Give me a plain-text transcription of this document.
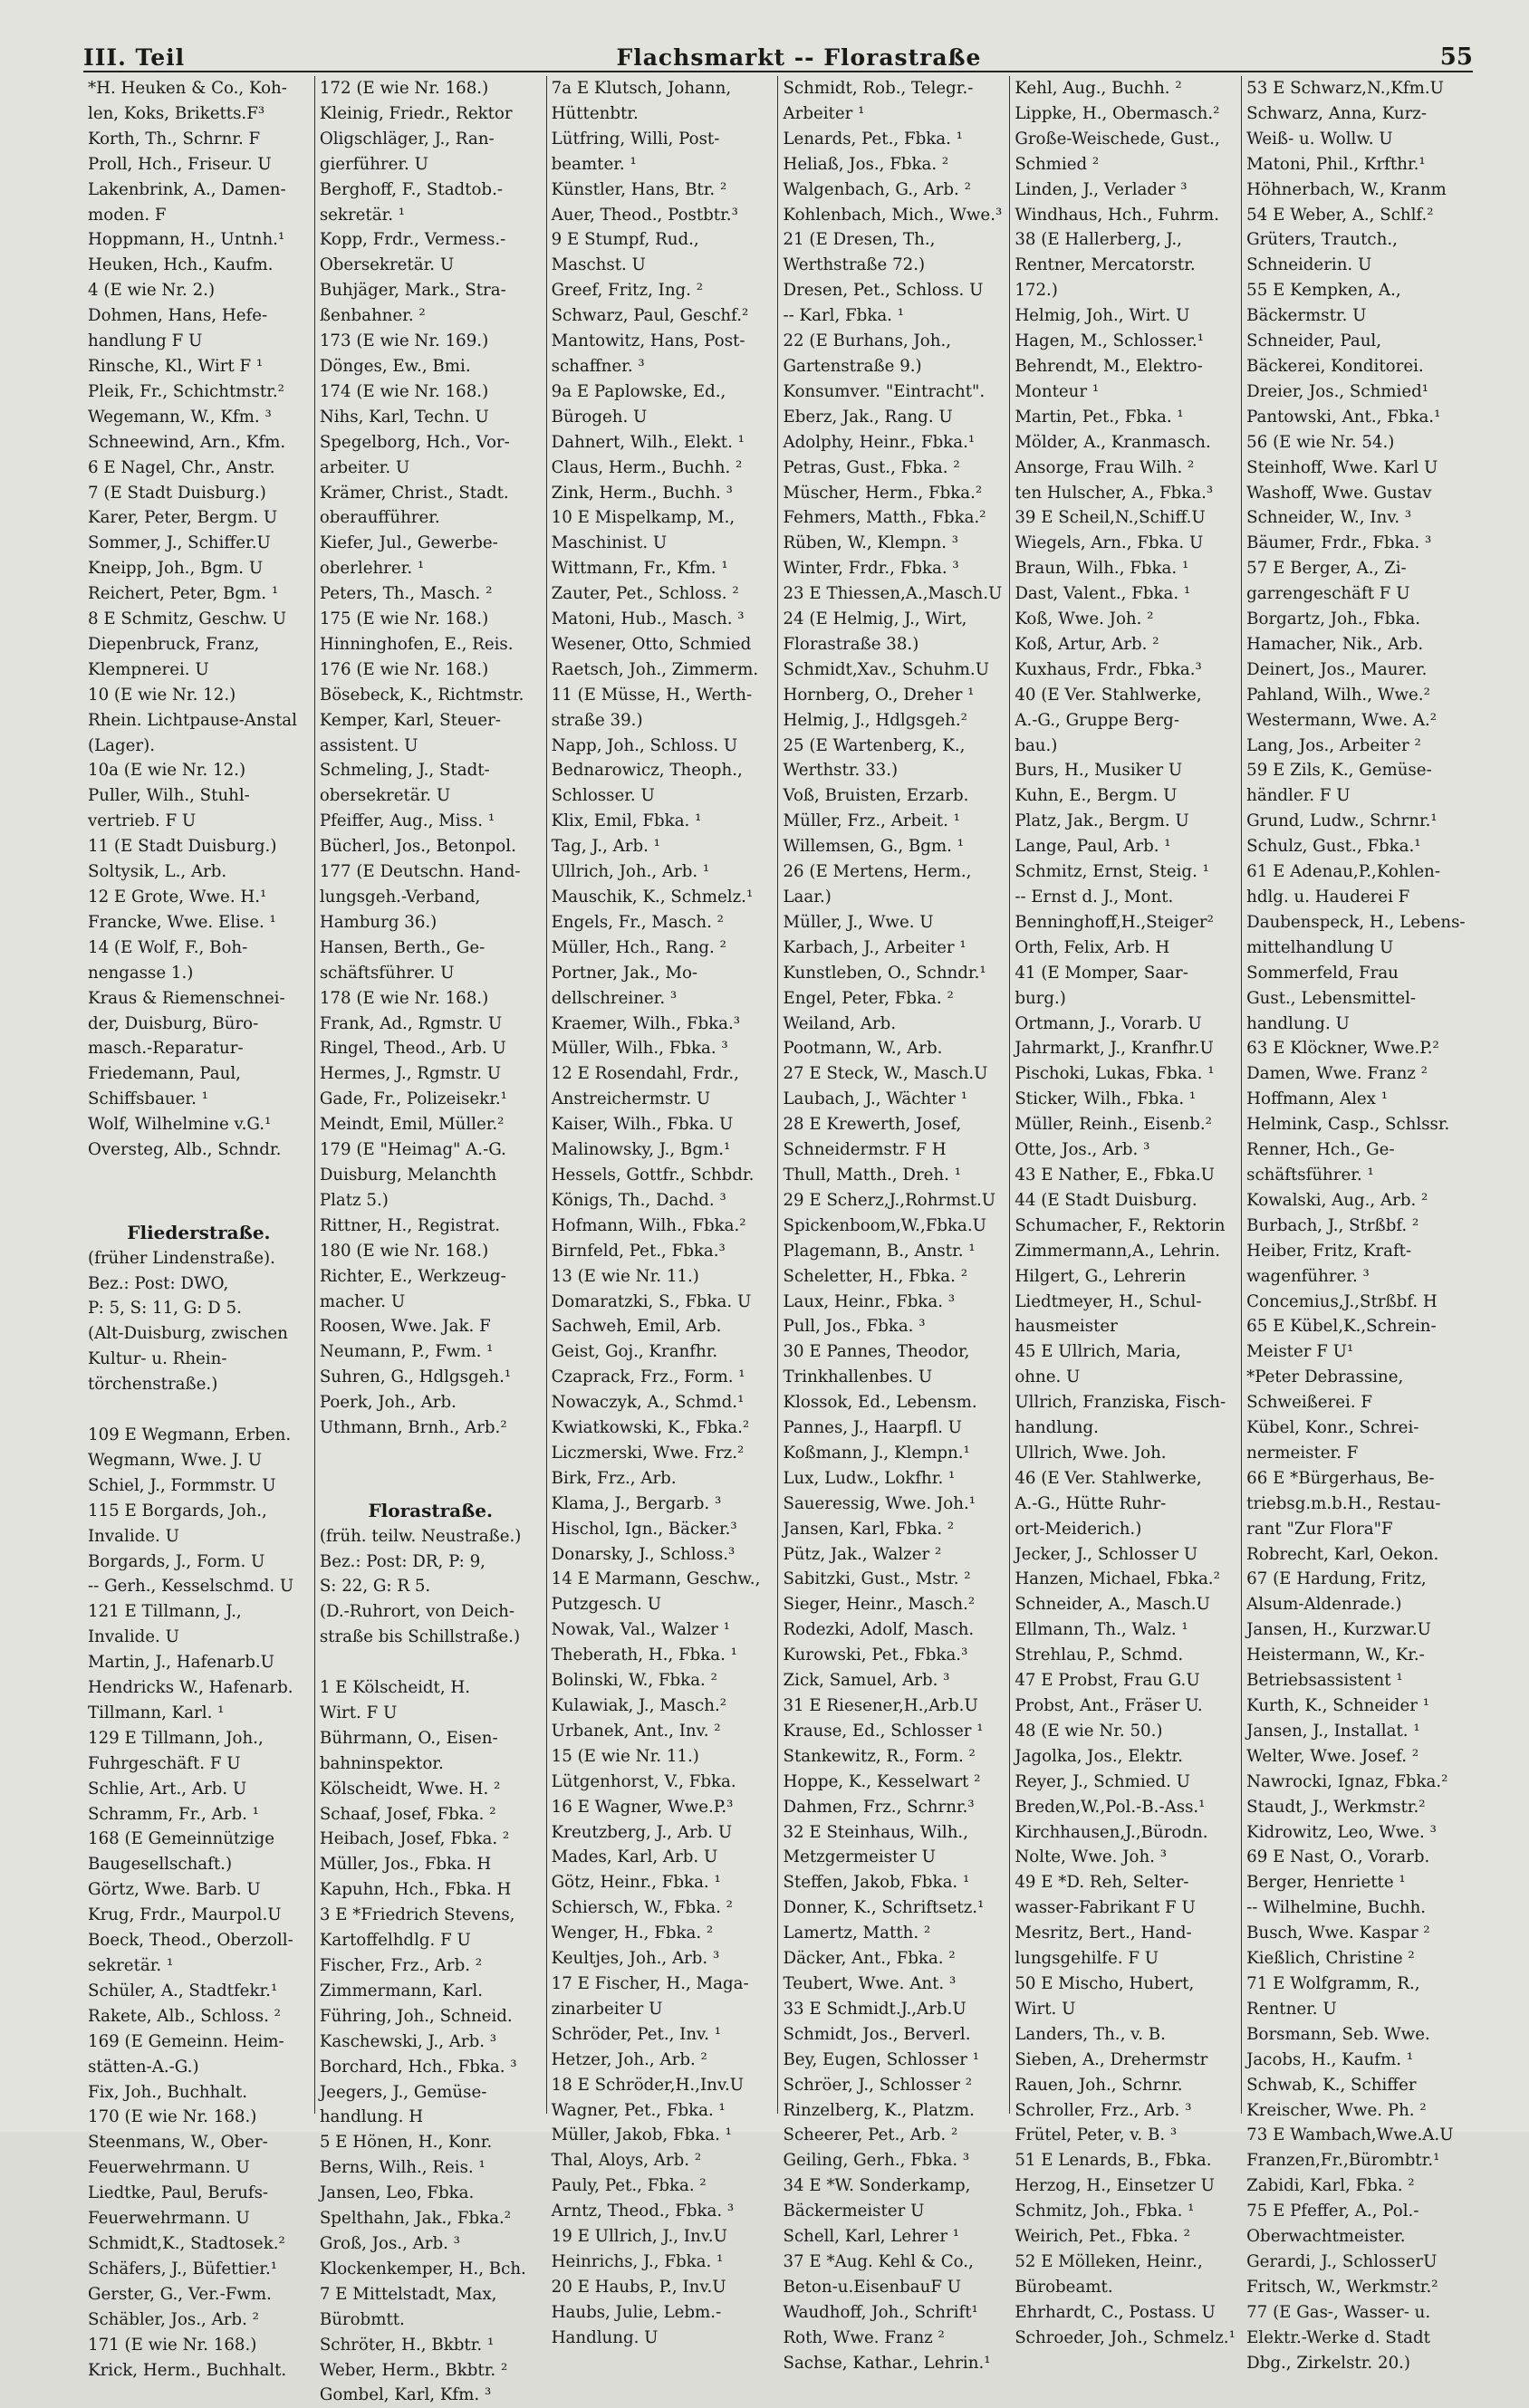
III. Teil	Flachsmarkt -- Florastraße	55
*H. Heuken & Co., Koh-
len, Koks, Briketts.F³
Korth, Th., Schrnr. F
Proll, Hch., Friseur. U
Lakenbrink, A., Damen-
moden. F
Hoppmann, H., Untnh.¹
Heuken, Hch., Kaufm.
4 (E wie Nr. 2.)
Dohmen, Hans, Hefe-
handlung F U
Rinsche, Kl., Wirt F ¹
Pleik, Fr., Schichtmstr.²
Wegemann, W., Kfm. ³
Schneewind, Arn., Kfm.
6 E Nagel, Chr., Anstr.
7 (E Stadt Duisburg.)
Karer, Peter, Bergm. U
Sommer, J., Schiffer.U
Kneipp, Joh., Bgm. U
Reichert, Peter, Bgm. ¹
8 E Schmitz, Geschw. U
Diepenbruck, Franz,
Klempnerei. U
10 (E wie Nr. 12.)
Rhein. Lichtpause-Anstal
(Lager).
10a (E wie Nr. 12.)
Puller, Wilh., Stuhl-
vertrieb. F U
11 (E Stadt Duisburg.)
Soltysik, L., Arb.
12 E Grote, Wwe. H.¹
Francke, Wwe. Elise. ¹
14 (E Wolf, F., Boh-
nengasse 1.)
Kraus & Riemenschnei-
der, Duisburg, Büro-
masch.-Reparatur-
Friedemann, Paul,
Schiffsbauer. ¹
Wolf, Wilhelmine v.G.¹
Oversteg, Alb., Schndr.
Fliederstraße.
(früher Lindenstraße).
Bez.: Post: DWO,
P: 5, S: 11, G: D 5.
(Alt-Duisburg, zwischen
Kultur- u. Rhein-
törchenstraße.)
109 E Wegmann, Erben.
Wegmann, Wwe. J. U
Schiel, J., Formmstr. U
115 E Borgards, Joh.,
Invalide. U
Borgards, J., Form. U
-- Gerh., Kesselschmd. U
121 E Tillmann, J.,
Invalide. U
Martin, J., Hafenarb.U
Hendricks W., Hafenarb.
Tillmann, Karl. ¹
129 E Tillmann, Joh.,
Fuhrgeschäft. F U
Schlie, Art., Arb. U
Schramm, Fr., Arb. ¹
168 (E Gemeinnützige
Baugesellschaft.)
Görtz, Wwe. Barb. U
Krug, Frdr., Maurpol.U
Boeck, Theod., Oberzoll-
sekretär. ¹
Schüler, A., Stadtfekr.¹
Rakete, Alb., Schloss. ²
169 (E Gemeinn. Heim-
stätten-A.-G.)
Fix, Joh., Buchhalt.
170 (E wie Nr. 168.)
Steenmans, W., Ober-
Feuerwehrmann. U
Liedtke, Paul, Berufs-
Feuerwehrmann. U
Schmidt,K., Stadtosek.²
Schäfers, J., Büfettier.¹
Gerster, G., Ver.-Fwm.
Schäbler, Jos., Arb. ²
171 (E wie Nr. 168.)
Krick, Herm., Buchhalt.
172 (E wie Nr. 168.)
Kleinig, Friedr., Rektor
Oligschläger, J., Ran-
gierführer. U
Berghoff, F., Stadtob.-
sekretär. ¹
Kopp, Frdr., Vermess.-
Obersekretär. U
Buhjäger, Mark., Stra-
ßenbahner. ²
173 (E wie Nr. 169.)
Dönges, Ew., Bmi.
174 (E wie Nr. 168.)
Nihs, Karl, Techn. U
Spegelborg, Hch., Vor-
arbeiter. U
Krämer, Christ., Stadt.
oberaufführer.
Kiefer, Jul., Gewerbe-
oberlehrer. ¹
Peters, Th., Masch. ²
175 (E wie Nr. 168.)
Hinninghofen, E., Reis.
176 (E wie Nr. 168.)
Bösebeck, K., Richtmstr.
Kemper, Karl, Steuer-
assistent. U
Schmeling, J., Stadt-
obersekretär. U
Pfeiffer, Aug., Miss. ¹
Bücherl, Jos., Betonpol.
177 (E Deutschn. Hand-
lungsgeh.-Verband,
Hamburg 36.)
Hansen, Berth., Ge-
schäftsführer. U
178 (E wie Nr. 168.)
Frank, Ad., Rgmstr. U
Ringel, Theod., Arb. U
Hermes, J., Rgmstr. U
Gade, Fr., Polizeisekr.¹
Meindt, Emil, Müller.²
179 (E "Heimag" A.-G.
Duisburg, Melanchth
Platz 5.)
Rittner, H., Registrat.
180 (E wie Nr. 168.)
Richter, E., Werkzeug-
macher. U
Roosen, Wwe. Jak. F
Neumann, P., Fwm. ¹
Suhren, G., Hdlgsgeh.¹
Poerk, Joh., Arb.
Uthmann, Brnh., Arb.²
Florastraße.
(früh. teilw. Neustraße.)
Bez.: Post: DR, P: 9,
S: 22, G: R 5.
(D.-Ruhrort, von Deich-
straße bis Schillstraße.)
1 E Kölscheidt, H.
Wirt. F U
Bührmann, O., Eisen-
bahninspektor.
Kölscheidt, Wwe. H. ²
Schaaf, Josef, Fbka. ²
Heibach, Josef, Fbka. ²
Müller, Jos., Fbka. H
Kapuhn, Hch., Fbka. H
3 E *Friedrich Stevens,
Kartoffelhdlg. F U
Fischer, Frz., Arb. ²
Zimmermann, Karl.
Führing, Joh., Schneid.
Kaschewski, J., Arb. ³
Borchard, Hch., Fbka. ³
Jeegers, J., Gemüse-
handlung. H
5 E Hönen, H., Konr.
Berns, Wilh., Reis. ¹
Jansen, Leo, Fbka.
Spelthahn, Jak., Fbka.²
Groß, Jos., Arb. ³
Klockenkemper, H., Bch.
7 E Mittelstadt, Max,
Bürobmtt.
Schröter, H., Bkbtr. ¹
Weber, Herm., Bkbtr. ²
Gombel, Karl, Kfm. ³
7a E Klutsch, Johann,
Hüttenbtr.
Lütfring, Willi, Post-
beamter. ¹
Künstler, Hans, Btr. ²
Auer, Theod., Postbtr.³
9 E Stumpf, Rud.,
Maschst. U
Greef, Fritz, Ing. ²
Schwarz, Paul, Geschf.²
Mantowitz, Hans, Post-
schaffner. ³
9a E Paplowske, Ed.,
Bürogeh. U
Dahnert, Wilh., Elekt. ¹
Claus, Herm., Buchh. ²
Zink, Herm., Buchh. ³
10 E Mispelkamp, M.,
Maschinist. U
Wittmann, Fr., Kfm. ¹
Zauter, Pet., Schloss. ²
Matoni, Hub., Masch. ³
Wesener, Otto, Schmied
Raetsch, Joh., Zimmerm.
11 (E Müsse, H., Werth-
straße 39.)
Napp, Joh., Schloss. U
Bednarowicz, Theoph.,
Schlosser. U
Klix, Emil, Fbka. ¹
Tag, J., Arb. ¹
Ullrich, Joh., Arb. ¹
Mauschik, K., Schmelz.¹
Engels, Fr., Masch. ²
Müller, Hch., Rang. ²
Portner, Jak., Mo-
dellschreiner. ³
Kraemer, Wilh., Fbka.³
Müller, Wilh., Fbka. ³
12 E Rosendahl, Frdr.,
Anstreichermstr. U
Kaiser, Wilh., Fbka. U
Malinowsky, J., Bgm.¹
Hessels, Gottfr., Schbdr.
Königs, Th., Dachd. ³
Hofmann, Wilh., Fbka.²
Birnfeld, Pet., Fbka.³
13 (E wie Nr. 11.)
Domaratzki, S., Fbka. U
Sachweh, Emil, Arb.
Geist, Goj., Kranfhr.
Czaprack, Frz., Form. ¹
Nowaczyk, A., Schmd.¹
Kwiatkowski, K., Fbka.²
Liczmerski, Wwe. Frz.²
Birk, Frz., Arb.
Klama, J., Bergarb. ³
Hischol, Ign., Bäcker.³
Donarsky, J., Schloss.³
14 E Marmann, Geschw.,
Putzgesch. U
Nowak, Val., Walzer ¹
Theberath, H., Fbka. ¹
Bolinski, W., Fbka. ²
Kulawiak, J., Masch.²
Urbanek, Ant., Inv. ²
15 (E wie Nr. 11.)
Lütgenhorst, V., Fbka.
16 E Wagner, Wwe.P.³
Kreutzberg, J., Arb. U
Mades, Karl, Arb. U
Götz, Heinr., Fbka. ¹
Schiersch, W., Fbka. ²
Wenger, H., Fbka. ²
Keultjes, Joh., Arb. ³
17 E Fischer, H., Maga-
zinarbeiter U
Schröder, Pet., Inv. ¹
Hetzer, Joh., Arb. ²
18 E Schröder,H.,Inv.U
Wagner, Pet., Fbka. ¹
Müller, Jakob, Fbka. ¹
Thal, Aloys, Arb. ²
Pauly, Pet., Fbka. ²
Arntz, Theod., Fbka. ³
19 E Ullrich, J., Inv.U
Heinrichs, J., Fbka. ¹
20 E Haubs, P., Inv.U
Haubs, Julie, Lebm.-
Handlung. U
Schmidt, Rob., Telegr.-
Arbeiter ¹
Lenards, Pet., Fbka. ¹
Heliaß, Jos., Fbka. ²
Walgenbach, G., Arb. ²
Kohlenbach, Mich., Wwe.³
21 (E Dresen, Th.,
Werthstraße 72.)
Dresen, Pet., Schloss. U
-- Karl, Fbka. ¹
22 (E Burhans, Joh.,
Gartenstraße 9.)
Konsumver. "Eintracht".
Eberz, Jak., Rang. U
Adolphy, Heinr., Fbka.¹
Petras, Gust., Fbka. ²
Müscher, Herm., Fbka.²
Fehmers, Matth., Fbka.²
Rüben, W., Klempn. ³
Winter, Frdr., Fbka. ³
23 E Thiessen,A.,Masch.U
24 (E Helmig, J., Wirt,
Florastraße 38.)
Schmidt,Xav., Schuhm.U
Hornberg, O., Dreher ¹
Helmig, J., Hdlgsgeh.²
25 (E Wartenberg, K.,
Werthstr. 33.)
Voß, Bruisten, Erzarb.
Müller, Frz., Arbeit. ¹
Willemsen, G., Bgm. ¹
26 (E Mertens, Herm.,
Laar.)
Müller, J., Wwe. U
Karbach, J., Arbeiter ¹
Kunstleben, O., Schndr.¹
Engel, Peter, Fbka. ²
Weiland, Arb.
Pootmann, W., Arb.
27 E Steck, W., Masch.U
Laubach, J., Wächter ¹
28 E Krewerth, Josef,
Schneidermstr. F H
Thull, Matth., Dreh. ¹
29 E Scherz,J.,Rohrmst.U
Spickenboom,W.,Fbka.U
Plagemann, B., Anstr. ¹
Scheletter, H., Fbka. ²
Laux, Heinr., Fbka. ³
Pull, Jos., Fbka. ³
30 E Pannes, Theodor,
Trinkhallenbes. U
Klossok, Ed., Lebensm.
Pannes, J., Haarpfl. U
Koßmann, J., Klempn.¹
Lux, Ludw., Lokfhr. ¹
Saueressig, Wwe. Joh.¹
Jansen, Karl, Fbka. ²
Pütz, Jak., Walzer ²
Sabitzki, Gust., Mstr. ²
Sieger, Heinr., Masch.²
Rodezki, Adolf, Masch.
Kurowski, Pet., Fbka.³
Zick, Samuel, Arb. ³
31 E Riesener,H.,Arb.U
Krause, Ed., Schlosser ¹
Stankewitz, R., Form. ²
Hoppe, K., Kesselwart ²
Dahmen, Frz., Schrnr.³
32 E Steinhaus, Wilh.,
Metzgermeister U
Steffen, Jakob, Fbka. ¹
Donner, K., Schriftsetz.¹
Lamertz, Matth. ²
Däcker, Ant., Fbka. ²
Teubert, Wwe. Ant. ³
33 E Schmidt.J.,Arb.U
Schmidt, Jos., Berverl.
Bey, Eugen, Schlosser ¹
Schröer, J., Schlosser ²
Rinzelberg, K., Platzm.
Scheerer, Pet., Arb. ²
Geiling, Gerh., Fbka. ³
34 E *W. Sonderkamp,
Bäckermeister U
Schell, Karl, Lehrer ¹
37 E *Aug. Kehl & Co.,
Beton-u.EisenbauF U
Waudhoff, Joh., Schrift¹
Roth, Wwe. Franz ²
Sachse, Kathar., Lehrin.¹
Kehl, Aug., Buchh. ²
Lippke, H., Obermasch.²
Große-Weischede, Gust.,
Schmied ²
Linden, J., Verlader ³
Windhaus, Hch., Fuhrm.
38 (E Hallerberg, J.,
Rentner, Mercatorstr.
172.)
Helmig, Joh., Wirt. U
Hagen, M., Schlosser.¹
Behrendt, M., Elektro-
Monteur ¹
Martin, Pet., Fbka. ¹
Mölder, A., Kranmasch.
Ansorge, Frau Wilh. ²
ten Hulscher, A., Fbka.³
39 E Scheil,N.,Schiff.U
Wiegels, Arn., Fbka. U
Braun, Wilh., Fbka. ¹
Dast, Valent., Fbka. ¹
Koß, Wwe. Joh. ²
Koß, Artur, Arb. ²
Kuxhaus, Frdr., Fbka.³
40 (E Ver. Stahlwerke,
A.-G., Gruppe Berg-
bau.)
Burs, H., Musiker U
Kuhn, E., Bergm. U
Platz, Jak., Bergm. U
Lange, Paul, Arb. ¹
Schmitz, Ernst, Steig. ¹
-- Ernst d. J., Mont.
Benninghoff,H.,Steiger²
Orth, Felix, Arb. H
41 (E Momper, Saar-
burg.)
Ortmann, J., Vorarb. U
Jahrmarkt, J., Kranfhr.U
Pischoki, Lukas, Fbka. ¹
Sticker, Wilh., Fbka. ¹
Müller, Reinh., Eisenb.²
Otte, Jos., Arb. ³
43 E Nather, E., Fbka.U
44 (E Stadt Duisburg.
Schumacher, F., Rektorin
Zimmermann,A., Lehrin.
Hilgert, G., Lehrerin
Liedtmeyer, H., Schul-
hausmeister
45 E Ullrich, Maria,
ohne. U
Ullrich, Franziska, Fisch-
handlung.
Ullrich, Wwe. Joh.
46 (E Ver. Stahlwerke,
A.-G., Hütte Ruhr-
ort-Meiderich.)
Jecker, J., Schlosser U
Hanzen, Michael, Fbka.²
Schneider, A., Masch.U
Ellmann, Th., Walz. ¹
Strehlau, P., Schmd.
47 E Probst, Frau G.U
Probst, Ant., Fräser U.
48 (E wie Nr. 50.)
Jagolka, Jos., Elektr.
Reyer, J., Schmied. U
Breden,W.,Pol.-B.-Ass.¹
Kirchhausen,J.,Bürodn.
Nolte, Wwe. Joh. ³
49 E *D. Reh, Selter-
wasser-Fabrikant F U
Mesritz, Bert., Hand-
lungsgehilfe. F U
50 E Mischo, Hubert,
Wirt. U
Landers, Th., v. B.
Sieben, A., Drehermstr
Rauen, Joh., Schrnr.
Schroller, Frz., Arb. ³
Frütel, Peter, v. B. ³
51 E Lenards, B., Fbka.
Herzog, H., Einsetzer U
Schmitz, Joh., Fbka. ¹
Weirich, Pet., Fbka. ²
52 E Mölleken, Heinr.,
Bürobeamt.
Ehrhardt, C., Postass. U
Schroeder, Joh., Schmelz.¹
53 E Schwarz,N.,Kfm.U
Schwarz, Anna, Kurz-
Weiß- u. Wollw. U
Matoni, Phil., Krfthr.¹
Höhnerbach, W., Kranm
54 E Weber, A., Schlf.²
Grüters, Trautch.,
Schneiderin. U
55 E Kempken, A.,
Bäckermstr. U
Schneider, Paul,
Bäckerei, Konditorei.
Dreier, Jos., Schmied¹
Pantowski, Ant., Fbka.¹
56 (E wie Nr. 54.)
Steinhoff, Wwe. Karl U
Washoff, Wwe. Gustav
Schneider, W., Inv. ³
Bäumer, Frdr., Fbka. ³
57 E Berger, A., Zi-
garrengeschäft F U
Borgartz, Joh., Fbka.
Hamacher, Nik., Arb.
Deinert, Jos., Maurer.
Pahland, Wilh., Wwe.²
Westermann, Wwe. A.²
Lang, Jos., Arbeiter ²
59 E Zils, K., Gemüse-
händler. F U
Grund, Ludw., Schrnr.¹
Schulz, Gust., Fbka.¹
61 E Adenau,P.,Kohlen-
hdlg. u. Hauderei F
Daubenspeck, H., Lebens-
mittelhandlung U
Sommerfeld, Frau
Gust., Lebensmittel-
handlung. U
63 E Klöckner, Wwe.P.²
Damen, Wwe. Franz ²
Hoffmann, Alex ¹
Helmink, Casp., Schlssr.
Renner, Hch., Ge-
schäftsführer. ¹
Kowalski, Aug., Arb. ²
Burbach, J., Strßbf. ²
Heiber, Fritz, Kraft-
wagenführer. ³
Concemius,J.,Strßbf. H
65 E Kübel,K.,Schrein-
Meister F U¹
*Peter Debrassine,
Schweißerei. F
Kübel, Konr., Schrei-
nermeister. F
66 E *Bürgerhaus, Be-
triebsg.m.b.H., Restau-
rant "Zur Flora"F
Robrecht, Karl, Oekon.
67 (E Hardung, Fritz,
Alsum-Aldenrade.)
Jansen, H., Kurzwar.U
Heistermann, W., Kr.-
Betriebsassistent ¹
Kurth, K., Schneider ¹
Jansen, J., Installat. ¹
Welter, Wwe. Josef. ²
Nawrocki, Ignaz, Fbka.²
Staudt, J., Werkmstr.²
Kidrowitz, Leo, Wwe. ³
69 E Nast, O., Vorarb.
Berger, Henriette ¹
-- Wilhelmine, Buchh.
Busch, Wwe. Kaspar ²
Kießlich, Christine ²
71 E Wolfgramm, R.,
Rentner. U
Borsmann, Seb. Wwe.
Jacobs, H., Kaufm. ¹
Schwab, K., Schiffer
Kreischer, Wwe. Ph. ²
73 E Wambach,Wwe.A.U
Franzen,Fr.,Bürombtr.¹
Zabidi, Karl, Fbka. ²
75 E Pfeffer, A., Pol.-
Oberwachtmeister.
Gerardi, J., SchlosserU
Fritsch, W., Werkmstr.²
77 (E Gas-, Wasser- u.
Elektr.-Werke d. Stadt
Dbg., Zirkelstr. 20.)
